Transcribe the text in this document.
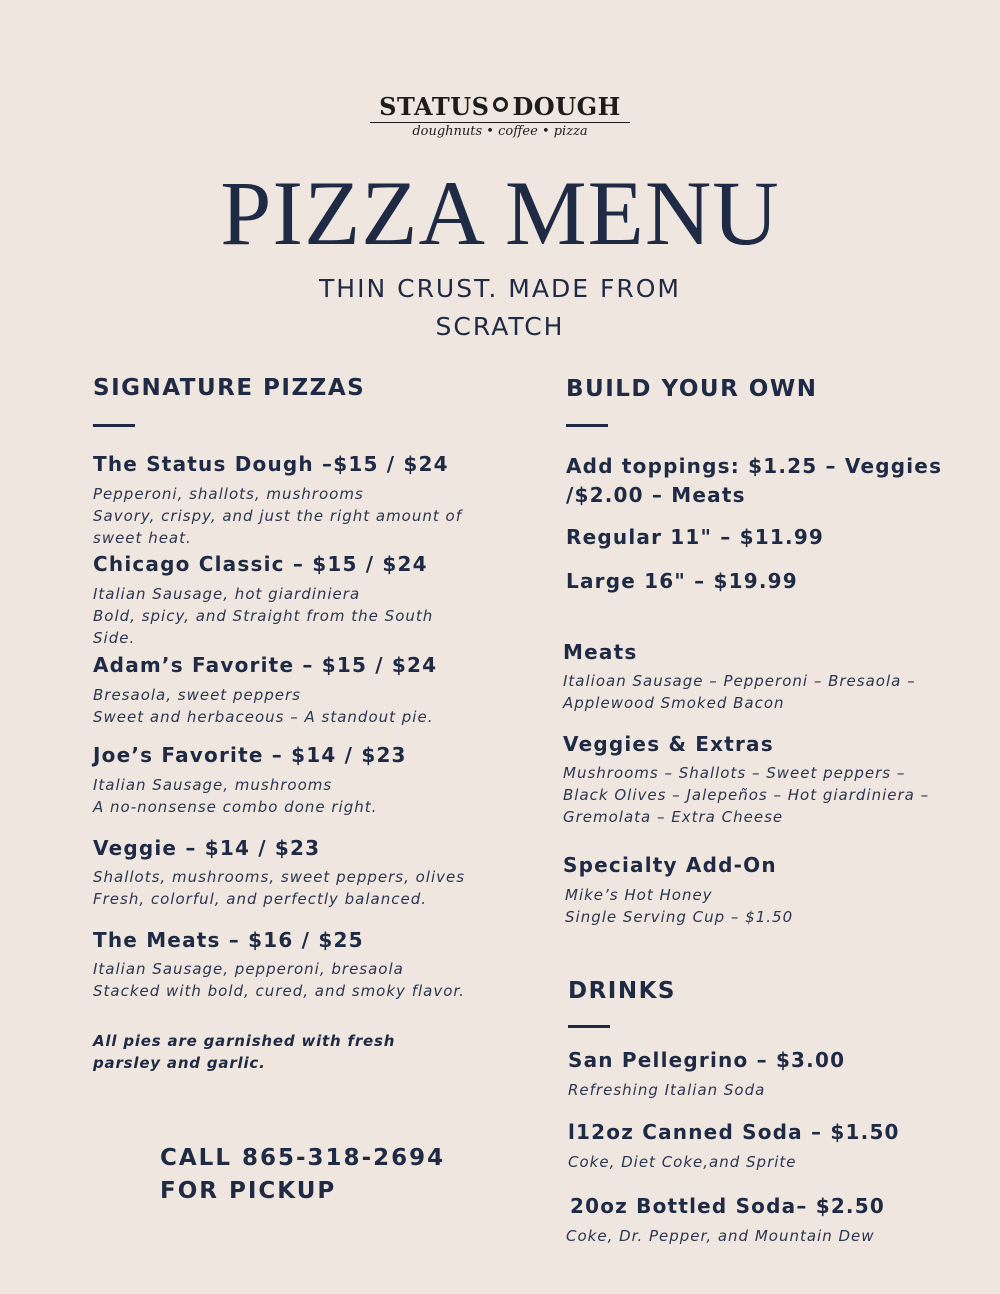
STATUS DOUGH
doughnuts • coffee • pizza
PIZZA MENU
THIN CRUST. MADE FROM
SCRATCH
SIGNATURE PIZZAS
The Status Dough –$15 / $24
Pepperoni, shallots, mushrooms
Savory, crispy, and just the right amount of
sweet heat.
Chicago Classic – $15 / $24
Italian Sausage, hot giardiniera
Bold, spicy, and Straight from the South
Side.
Adam’s Favorite – $15 / $24
Bresaola, sweet peppers
Sweet and herbaceous – A standout pie.
Joe’s Favorite – $14 / $23
Italian Sausage, mushrooms
A no-nonsense combo done right.
Veggie – $14 / $23
Shallots, mushrooms, sweet peppers, olives
Fresh, colorful, and perfectly balanced.
The Meats – $16 / $25
Italian Sausage, pepperoni, bresaola
Stacked with bold, cured, and smoky flavor.
All pies are garnished with fresh
parsley and garlic.
CALL 865-318-2694
FOR PICKUP
BUILD YOUR OWN
Add toppings: $1.25 – Veggies
/$2.00 – Meats
Regular 11" – $11.99
Large 16" – $19.99
Meats
Italioan Sausage – Pepperoni – Bresaola –
Applewood Smoked Bacon
Veggies & Extras
Mushrooms – Shallots – Sweet peppers –
Black Olives – Jalepeños – Hot giardiniera –
Gremolata – Extra Cheese
Specialty Add-On
Mike’s Hot Honey
Single Serving Cup – $1.50
DRINKS
San Pellegrino – $3.00
Refreshing Italian Soda
l12oz Canned Soda – $1.50
Coke, Diet Coke,and Sprite
20oz Bottled Soda– $2.50
Coke, Dr. Pepper, and Mountain Dew
